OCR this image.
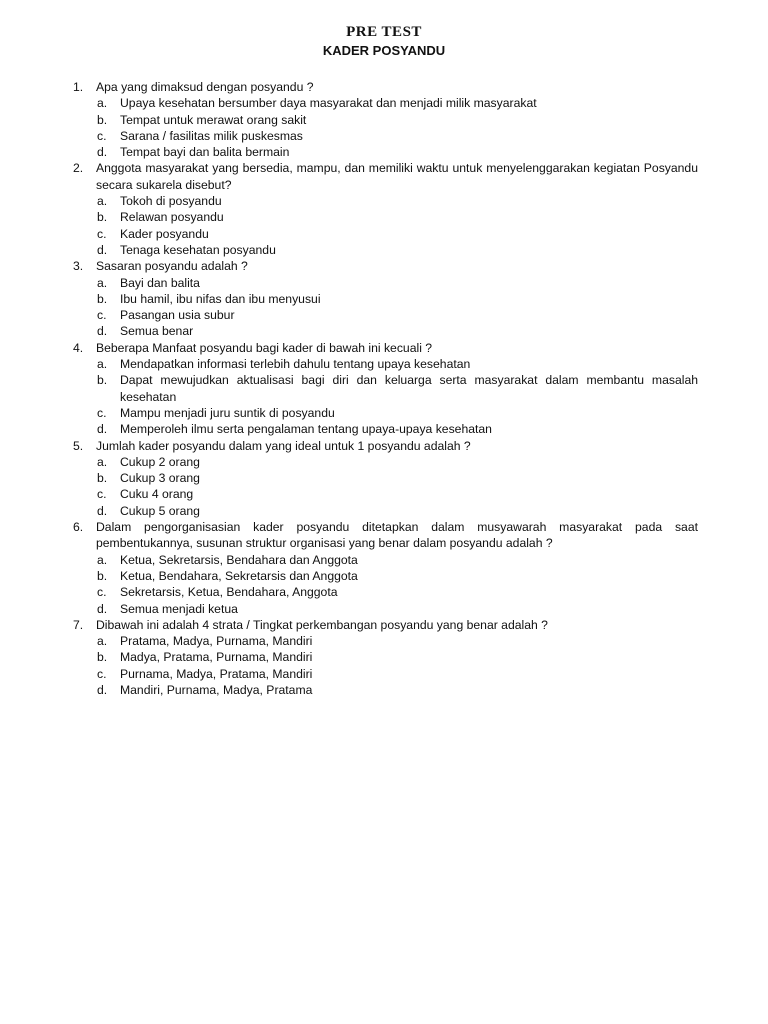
PRE TEST
KADER POSYANDU
1. Apa yang dimaksud dengan posyandu ?
a. Upaya kesehatan bersumber daya masyarakat dan menjadi milik masyarakat
b. Tempat untuk merawat orang sakit
c. Sarana / fasilitas milik puskesmas
d. Tempat bayi dan balita bermain
2. Anggota masyarakat yang bersedia, mampu, dan memiliki waktu untuk menyelenggarakan kegiatan Posyandu secara sukarela disebut?
a. Tokoh di posyandu
b. Relawan posyandu
c. Kader posyandu
d. Tenaga kesehatan posyandu
3. Sasaran posyandu adalah ?
a. Bayi dan balita
b. Ibu hamil, ibu nifas dan ibu menyusui
c. Pasangan usia subur
d. Semua benar
4. Beberapa Manfaat posyandu bagi kader di bawah ini kecuali ?
a. Mendapatkan informasi terlebih dahulu tentang upaya kesehatan
b. Dapat mewujudkan aktualisasi bagi diri dan keluarga serta masyarakat dalam membantu masalah kesehatan
c. Mampu menjadi juru suntik di posyandu
d. Memperoleh ilmu serta pengalaman tentang upaya-upaya kesehatan
5. Jumlah kader posyandu dalam yang ideal untuk 1 posyandu adalah ?
a. Cukup 2 orang
b. Cukup 3 orang
c. Cuku 4 orang
d. Cukup 5 orang
6. Dalam pengorganisasian kader posyandu ditetapkan dalam musyawarah masyarakat pada saat pembentukannya, susunan struktur organisasi yang benar dalam posyandu adalah ?
a. Ketua, Sekretarsis, Bendahara dan Anggota
b. Ketua, Bendahara, Sekretarsis dan Anggota
c. Sekretarsis, Ketua, Bendahara, Anggota
d. Semua menjadi ketua
7. Dibawah ini adalah 4 strata / Tingkat perkembangan posyandu yang benar adalah ?
a. Pratama, Madya, Purnama, Mandiri
b. Madya, Pratama, Purnama, Mandiri
c. Purnama, Madya, Pratama, Mandiri
d. Mandiri, Purnama, Madya, Pratama
